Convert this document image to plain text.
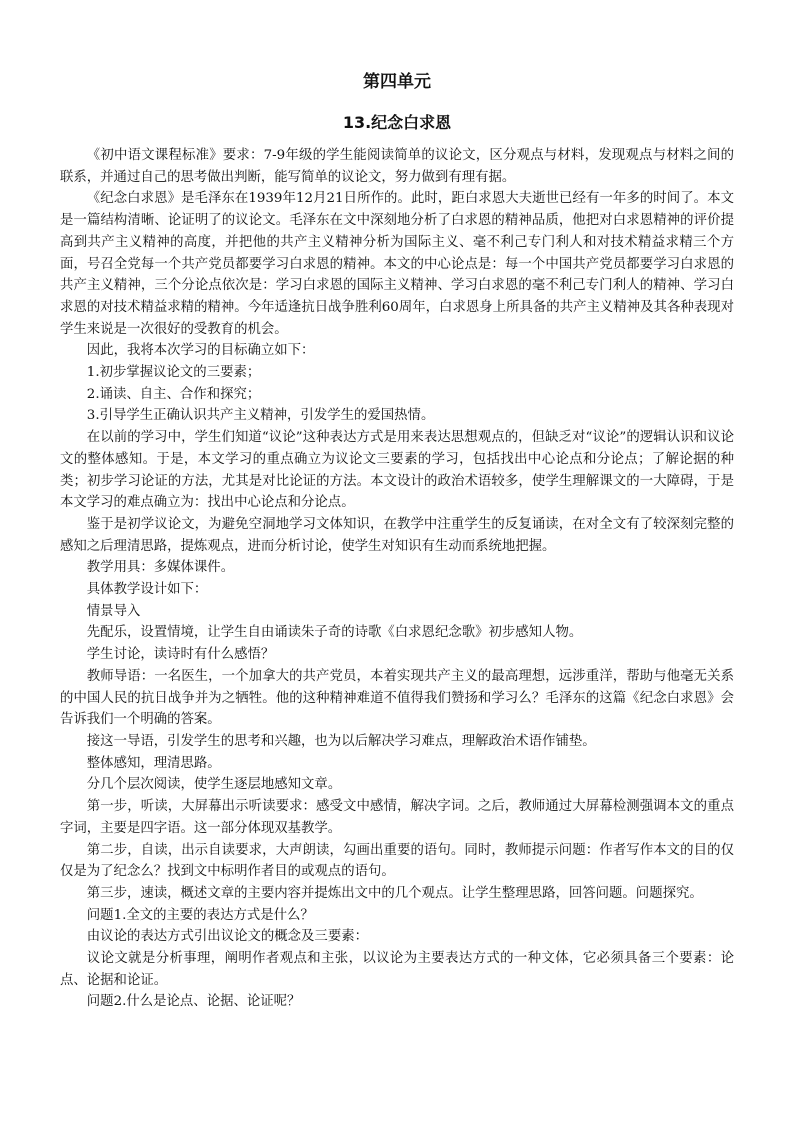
第四单元
13.纪念白求恩

《初中语文课程标准》要求：7-9年级的学生能阅读简单的议论文，区分观点与材料，发现观点与材料之间的联系，并通过自己的思考做出判断，能写简单的议论文，努力做到有理有据。

《纪念白求恩》是毛泽东在1939年12月21日所作的。此时，距白求恩大夫逝世已经有一年多的时间了。本文是一篇结构清晰、论证明了的议论文。毛泽东在文中深刻地分析了白求恩的精神品质，他把对白求恩精神的评价提高到共产主义精神的高度，并把他的共产主义精神分析为国际主义、毫不利己专门利人和对技术精益求精三个方面，号召全党每一个共产党员都要学习白求恩的精神。本文的中心论点是：每一个中国共产党员都要学习白求恩的共产主义精神，三个分论点依次是：学习白求恩的国际主义精神、学习白求恩的毫不利己专门利人的精神、学习白求恩的对技术精益求精的精神。今年适逢抗日战争胜利60周年，白求恩身上所具备的共产主义精神及其各种表现对学生来说是一次很好的受教育的机会。

因此，我将本次学习的目标确立如下：

1.初步掌握议论文的三要素；

2.诵读、自主、合作和探究；

3.引导学生正确认识共产主义精神，引发学生的爱国热情。

在以前的学习中，学生们知道“议论”这种表达方式是用来表达思想观点的，但缺乏对“议论”的逻辑认识和议论文的整体感知。于是，本文学习的重点确立为议论文三要素的学习，包括找出中心论点和分论点；了解论据的种类；初步学习论证的方法，尤其是对比论证的方法。本文设计的政治术语较多，使学生理解课文的一大障碍，于是本文学习的难点确立为：找出中心论点和分论点。

鉴于是初学议论文，为避免空洞地学习文体知识，在教学中注重学生的反复诵读，在对全文有了较深刻完整的感知之后理清思路，提炼观点，进而分析讨论，使学生对知识有生动而系统地把握。

教学用具：多媒体课件。

具体教学设计如下：

情景导入

先配乐，设置情境，让学生自由诵读朱子奇的诗歌《白求恩纪念歌》初步感知人物。

学生讨论，读诗时有什么感悟？

教师导语：一名医生，一个加拿大的共产党员，本着实现共产主义的最高理想，远涉重洋，帮助与他毫无关系的中国人民的抗日战争并为之牺牲。他的这种精神难道不值得我们赞扬和学习么？毛泽东的这篇《纪念白求恩》会告诉我们一个明确的答案。

接这一导语，引发学生的思考和兴趣，也为以后解决学习难点，理解政治术语作铺垫。

整体感知，理清思路。

分几个层次阅读，使学生逐层地感知文章。

第一步，听读，大屏幕出示听读要求：感受文中感情，解决字词。之后，教师通过大屏幕检测强调本文的重点字词，主要是四字语。这一部分体现双基教学。

第二步，自读，出示自读要求，大声朗读，勾画出重要的语句。同时，教师提示问题：作者写作本文的目的仅仅是为了纪念么？找到文中标明作者目的或观点的语句。

第三步，速读，概述文章的主要内容并提炼出文中的几个观点。让学生整理思路，回答问题。问题探究。

问题1.全文的主要的表达方式是什么？

由议论的表达方式引出议论文的概念及三要素：

议论文就是分析事理，阐明作者观点和主张，以议论为主要表达方式的一种文体，它必须具备三个要素：论点、论据和论证。

问题2.什么是论点、论据、论证呢？
